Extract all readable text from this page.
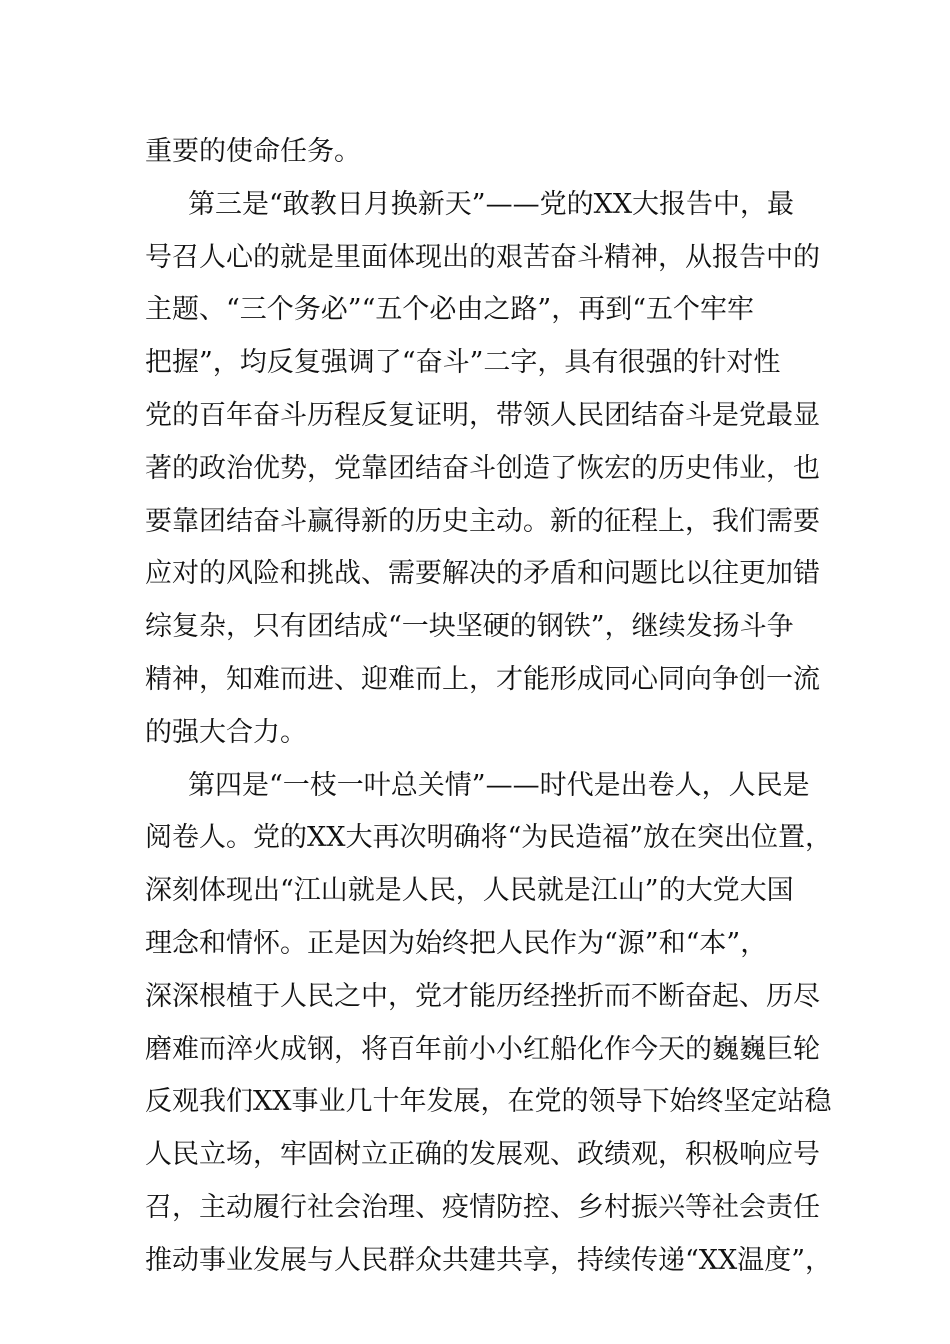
重要的使命任务。
第三是“敢教日月换新天”——党的XX大报告中，最
号召人心的就是里面体现出的艰苦奋斗精神，从报告中的
主题、“三个务必”“五个必由之路”，再到“五个牢牢
把握”，均反复强调了“奋斗”二字，具有很强的针对性
党的百年奋斗历程反复证明，带领人民团结奋斗是党最显
著的政治优势，党靠团结奋斗创造了恢宏的历史伟业，也
要靠团结奋斗赢得新的历史主动。新的征程上，我们需要
应对的风险和挑战、需要解决的矛盾和问题比以往更加错
综复杂，只有团结成“一块坚硬的钢铁”，继续发扬斗争
精神，知难而进、迎难而上，才能形成同心同向争创一流
的强大合力。
第四是“一枝一叶总关情”——时代是出卷人，人民是
阅卷人。党的XX大再次明确将“为民造福”放在突出位置，
深刻体现出“江山就是人民，人民就是江山”的大党大国
理念和情怀。正是因为始终把人民作为“源”和“本”，
深深根植于人民之中，党才能历经挫折而不断奋起、历尽
磨难而淬火成钢，将百年前小小红船化作今天的巍巍巨轮
反观我们XX事业几十年发展，在党的领导下始终坚定站稳
人民立场，牢固树立正确的发展观、政绩观，积极响应号
召，主动履行社会治理、疫情防控、乡村振兴等社会责任
推动事业发展与人民群众共建共享，持续传递“XX温度”，
